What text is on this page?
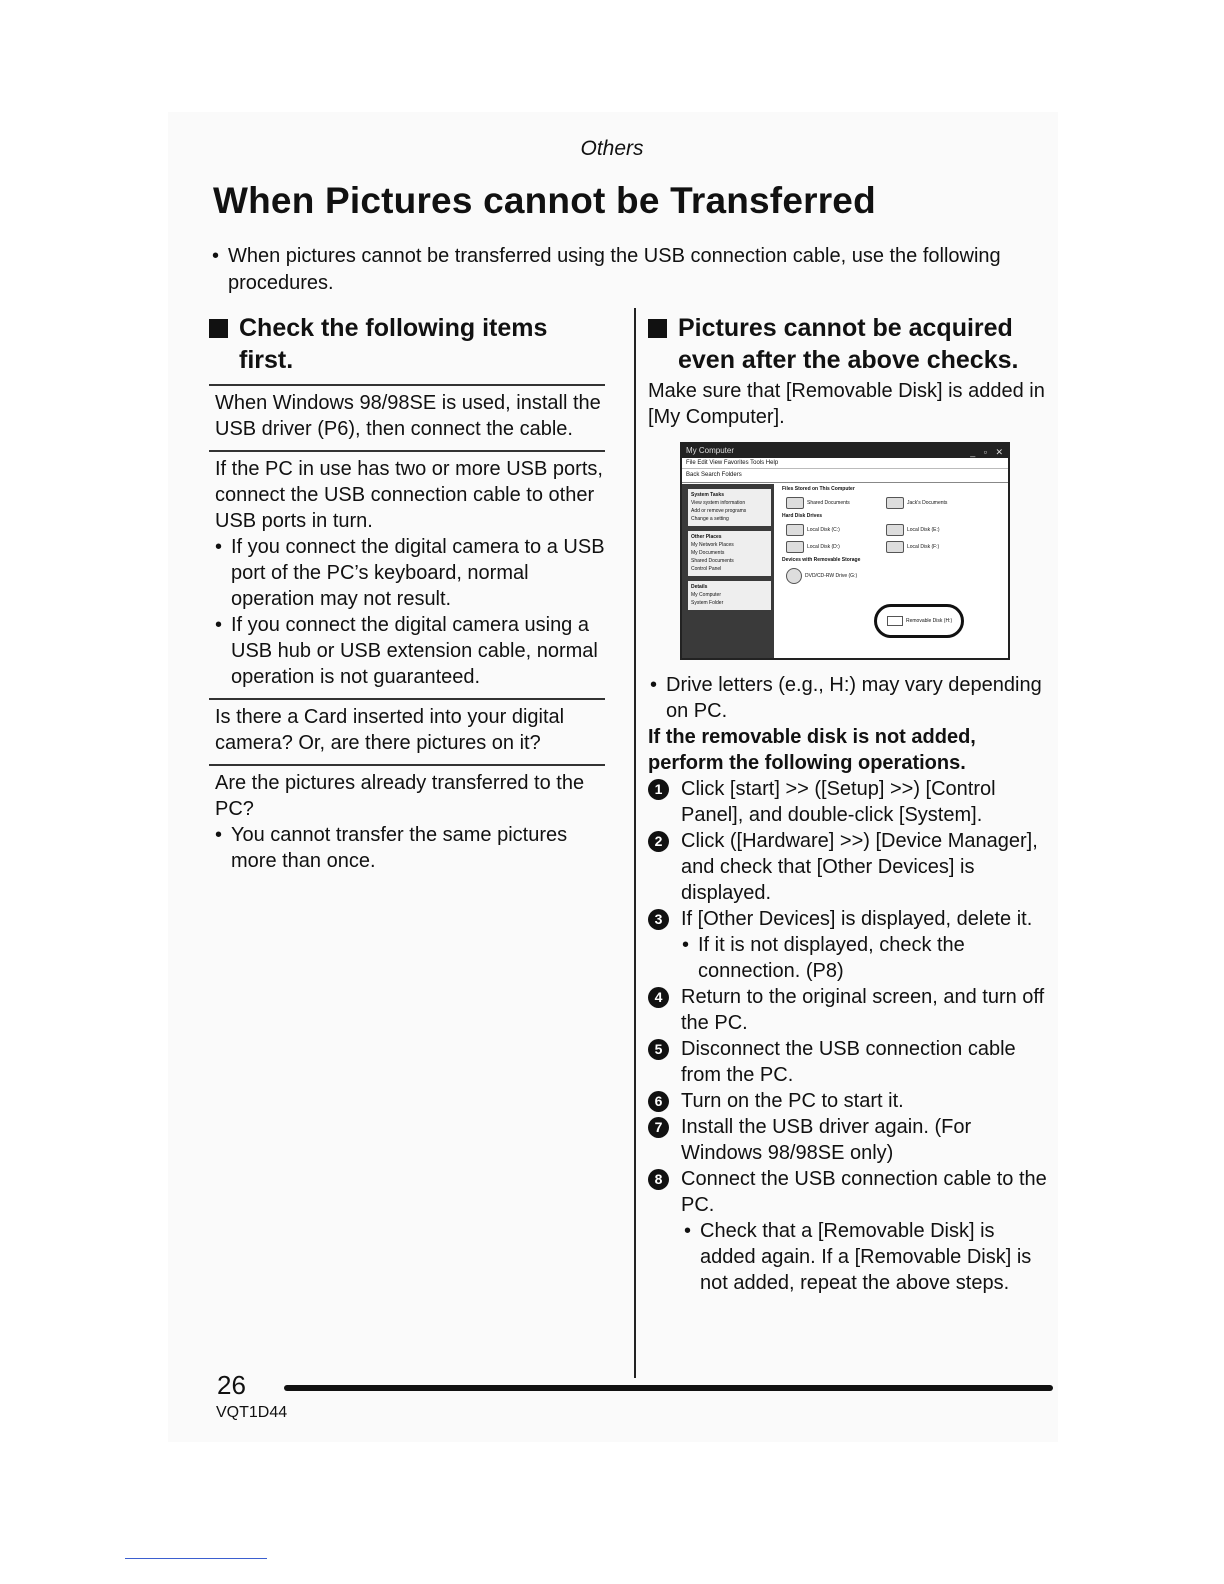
Others
When Pictures cannot be Transferred
• When pictures cannot be transferred using the USB connection cable, use the following procedures.
Check the following items
first.
When Windows 98/98SE is used, install the USB driver (P6), then connect the cable.
If the PC in use has two or more USB ports, connect the USB connection cable to other USB ports in turn.
• If you connect the digital camera to a USB port of the PC’s keyboard, normal operation may not result.
• If you connect the digital camera using a USB hub or USB extension cable, normal operation is not guaranteed.
Is there a Card inserted into your digital camera? Or, are there pictures on it?
Are the pictures already transferred to the PC?
• You cannot transfer the same pictures more than once.
Pictures cannot be acquired
even after the above checks.
Make sure that [Removable Disk] is added in [My Computer].
My Computer	_ ▫ ✕
File Edit View Favorites Tools Help
Back Search Folders
System Tasks
View system information
Add or remove programs
Change a setting
Other Places
My Network Places
My Documents
Shared Documents
Control Panel
Details
My Computer
System Folder
Files Stored on This Computer
Shared Documents	Jack's Documents
Hard Disk Drives
Local Disk (C:)	Local Disk (E:)
Local Disk (D:)	Local Disk (F:)
Devices with Removable Storage
DVD/CD-RW Drive (G:)
Removable Disk (H:)
• Drive letters (e.g., H:) may vary depending on PC.
If the removable disk is not added, perform the following operations.
1 Click [start] >> ([Setup] >>) [Control Panel], and double-click [System].
2 Click ([Hardware] >>) [Device Manager], and check that [Other Devices] is displayed.
3 If [Other Devices] is displayed, delete it.
• If it is not displayed, check the connection. (P8)
4 Return to the original screen, and turn off the PC.
5 Disconnect the USB connection cable from the PC.
6 Turn on the PC to start it.
7 Install the USB driver again. (For Windows 98/98SE only)
8 Connect the USB connection cable to the PC.
• Check that a [Removable Disk] is added again. If a [Removable Disk] is not added, repeat the above steps.
26
VQT1D44
